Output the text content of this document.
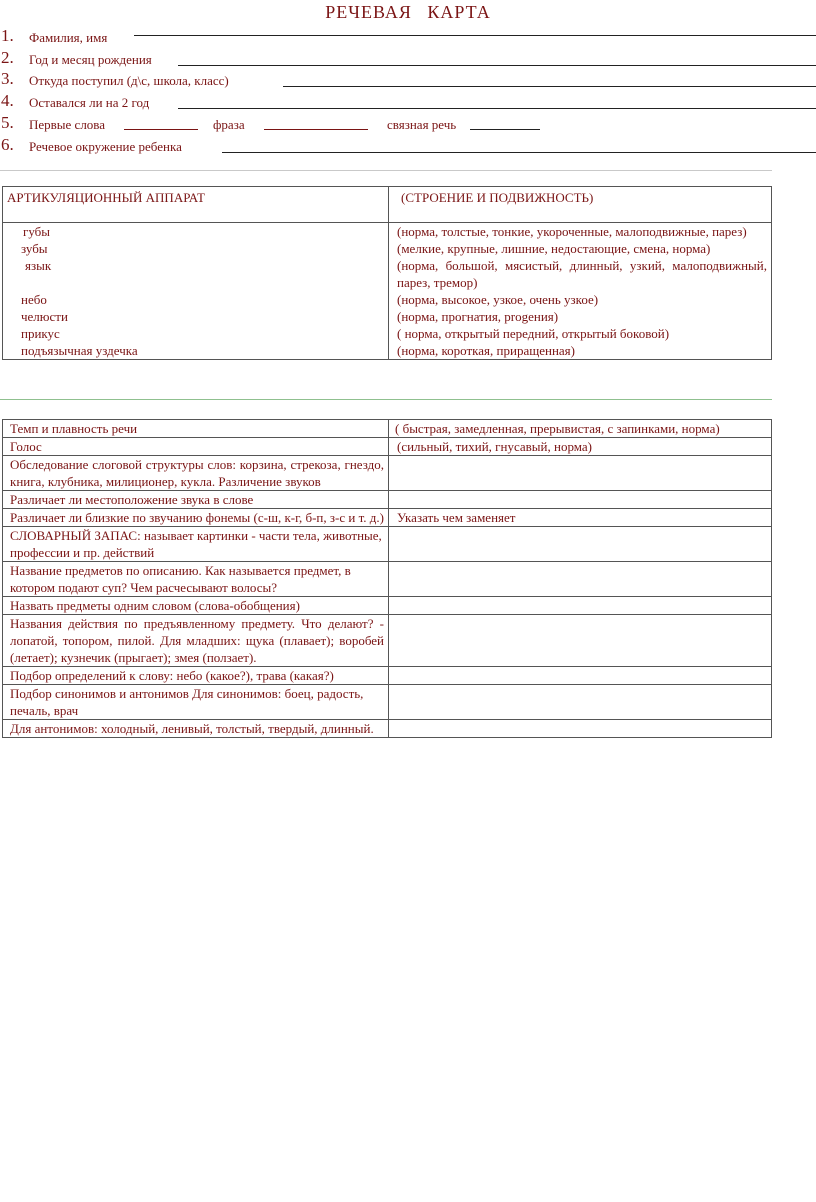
РЕЧЕВАЯ КАРТА
1. Фамилия, имя
2. Год и месяц рождения
3. Откуда поступил (д\с, школа, класс)
4. Оставался ли на 2 год
5. Первые слова	фраза	связная речь
6. Речевое окружение ребенка
АРТИКУЛЯЦИОННЫЙ АППАРАТ	(СТРОЕНИЕ И ПОДВИЖНОСТЬ)
губы	(норма, толстые, тонкие, укороченные, малоподвижные, парез)
зубы	(мелкие, крупные, лишние, недостающие, смена, норма)
язык	(норма, большой, мясистый, длинный, узкий, малоподвижный, парез, тремор)
небо	(норма, высокое, узкое, очень узкое)
челюсти	(норма, прогнатия, progeния)
прикус	( норма, открытый передний, открытый боковой)
подъязычная уздечка	(норма, короткая, приращенная)
Темп и плавность речи	( быстрая, замедленная, прерывистая, с запинками, норма)
Голос	(сильный, тихий, гнусавый, норма)
Обследование слоговой структуры слов: корзина, стрекоза, гнездо, книга, клубника, милиционер, кукла. Различение звуков	
Различает ли местоположение звука в слове	
Различает ли близкие по звучанию фонемы (с-ш, к-г, б-п, з-с и т. д.)	Указать чем заменяет
СЛОВАРНЫЙ ЗАПАС: называет картинки - части тела, животные, профессии и пр. действий	
Название предметов по описанию. Как называется предмет, в котором подают суп? Чем расчесывают волосы?	
Назвать предметы одним словом (слова-обобщения)	
Названия действия по предъявленному предмету. Что делают? - лопатой, топором, пилой. Для младших: щука (плавает); воробей (летает); кузнечик (прыгает); змея (ползает).	
Подбор определений к слову: небо (какое?), трава (какая?)	
Подбор синонимов и антонимов Для синонимов: боец, радость, печаль, врач	
Для антонимов: холодный, ленивый, толстый, твердый, длинный.	
